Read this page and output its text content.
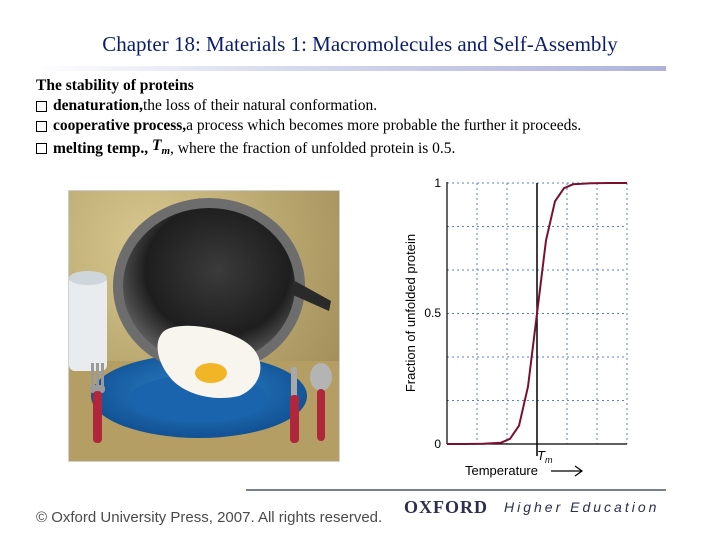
Chapter 18: Materials 1: Macromolecules and Self-Assembly
The stability of proteins
denaturation, the loss of their natural conformation.
cooperative process, a process which becomes more probable the further it proceeds.
melting temp.,
$T_m$ , where the fraction of unfolded protein is 0.5.
1
0.5
0
Fraction of unfolded protein
$T_m$
Temperature
© Oxford University Press, 2007. All rights reserved.
OXFORD Higher Education
